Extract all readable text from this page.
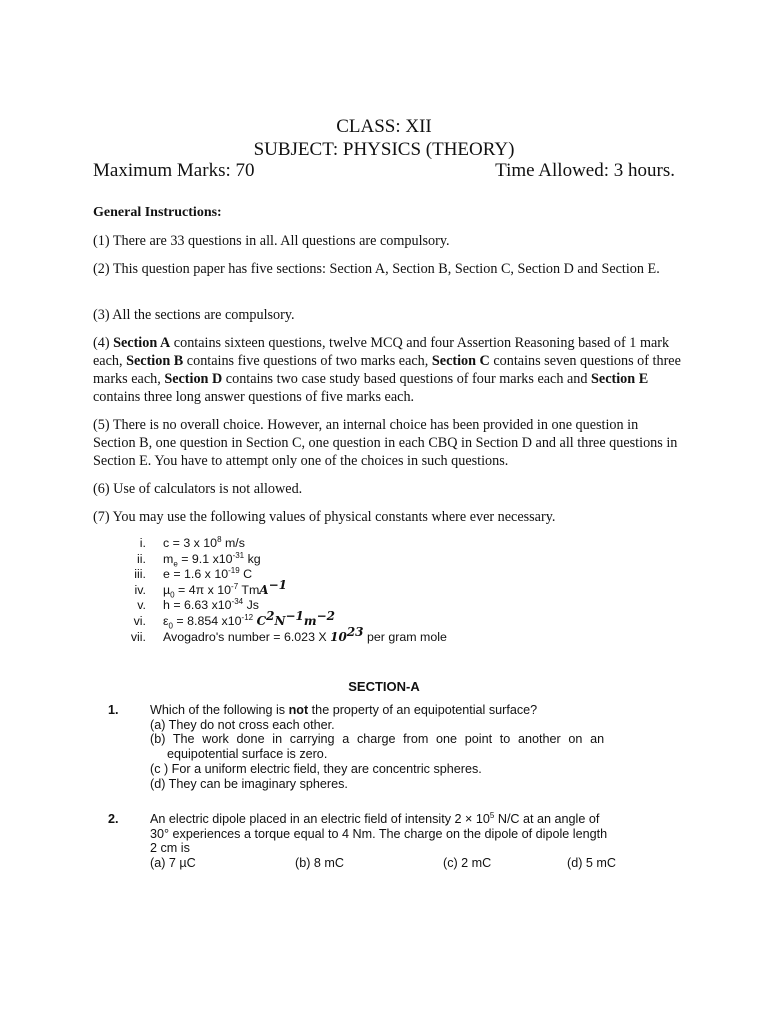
CLASS: XII
SUBJECT: PHYSICS (THEORY)
Maximum Marks: 70	Time Allowed: 3 hours.
General Instructions:
(1) There are 33 questions in all. All questions are compulsory.
(2) This question paper has five sections: Section A, Section B, Section C, Section D and Section E.
(3) All the sections are compulsory.
(4) Section A contains sixteen questions, twelve MCQ and four Assertion Reasoning based of 1 mark each, Section B contains five questions of two marks each, Section C contains seven questions of three marks each, Section D contains two case study based questions of four marks each and Section E contains three long answer questions of five marks each.
(5) There is no overall choice. However, an internal choice has been provided in one question in Section B, one question in Section C, one question in each CBQ in Section D and all three questions in Section E. You have to attempt only one of the choices in such questions.
(6) Use of calculators is not allowed.
(7) You may use the following values of physical constants where ever necessary.
i.	c = 3 x $10^8$ m/s
ii.	$m_e = 9.1$ $x10^{-31}$ kg
iii.	e = 1.6 x $10^{-19}$ C
iv.	µ$_0$ = 4π x $10^{-7}$ TmA$^{-1}$
v.	h = 6.63 $x10^{-34}$ Js
vi.	$\varepsilon_0 = 8.854$ $x10^{-12}$ $C^2N^{-1}m^{-2}$
vii.	Avogadro's number = 6.023 X $10^{23}$ per gram mole
SECTION-A
1. Which of the following is not the property of an equipotential surface?
(a) They do not cross each other.
(b) The work done in carrying a charge from one point to another on an
equipotential surface is zero.
(c ) For a uniform electric field, they are concentric spheres.
(d) They can be imaginary spheres.
2. An electric dipole placed in an electric field of intensity $2 \times 10^5$ N/C at an angle of
30° experiences a torque equal to 4 Nm. The charge on the dipole of dipole length
2 cm is
(a) 7 µC	(b) 8 mC	(c) 2 mC	(d) 5 mC
